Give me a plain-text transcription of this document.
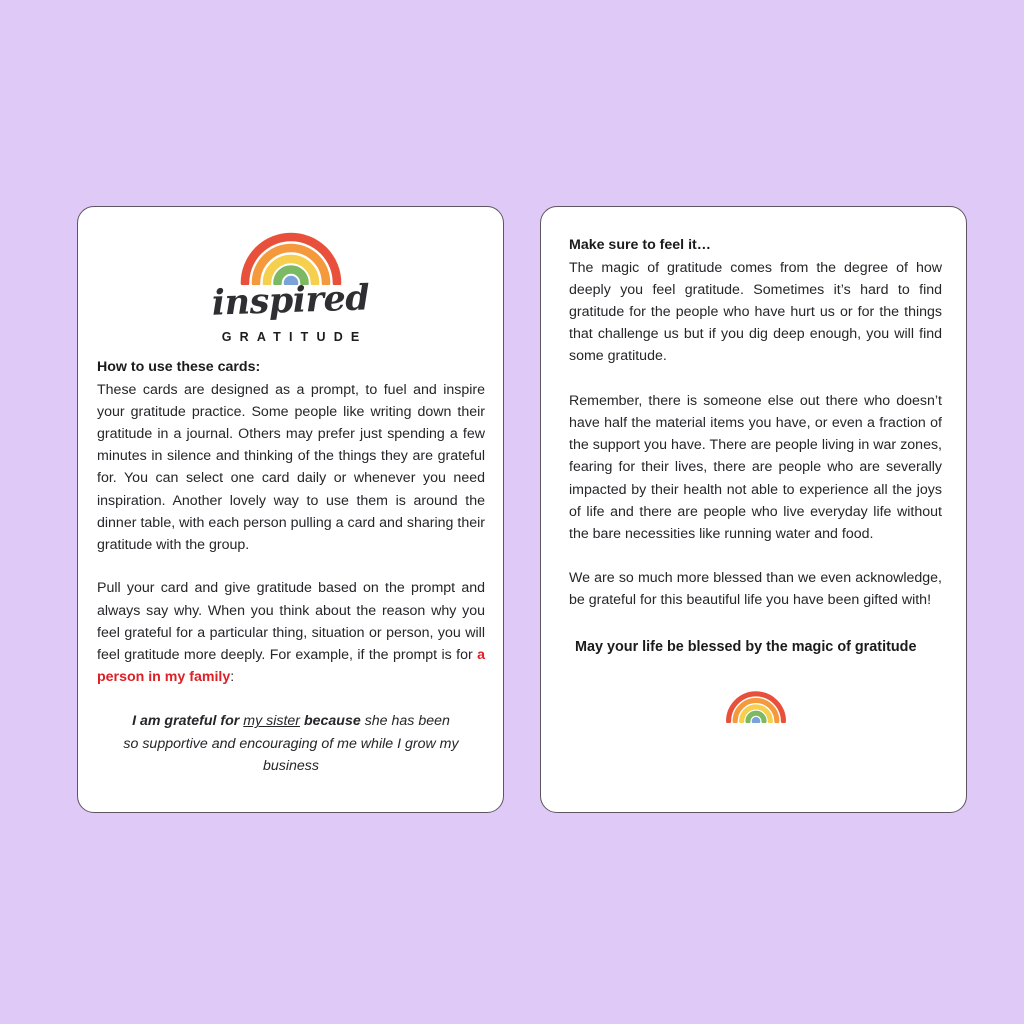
inspired
GRATITUDE
How to use these cards:

These cards are designed as a prompt, to fuel and inspire your gratitude practice. Some people like writing down their gratitude in a journal. Others may prefer just spending a few minutes in silence and thinking of the things they are grateful for. You can select one card daily or whenever you need inspiration. Another lovely way to use them is around the dinner table, with each person pulling a card and sharing their gratitude with the group.

Pull your card and give gratitude based on the prompt and always say why. When you think about the reason why you feel grateful for a particular thing, situation or person, you will feel gratitude more deeply. For example, if the prompt is for a person in my family:

I am grateful for my sister because she has been so supportive and encouraging of me while I grow my business
Make sure to feel it…

The magic of gratitude comes from the degree of how deeply you feel gratitude. Sometimes it’s hard to find gratitude for the people who have hurt us or for the things that challenge us but if you dig deep enough, you will find some gratitude.

Remember, there is someone else out there who doesn’t have half the material items you have, or even a fraction of the support you have. There are people living in war zones, fearing for their lives, there are people who are severally impacted by their health not able to experience all the joys of life and there are people who live everyday life without the bare necessities like running water and food.

We are so much more blessed than we even acknowledge, be grateful for this beautiful life you have been gifted with!

May your life be blessed by the magic of gratitude
